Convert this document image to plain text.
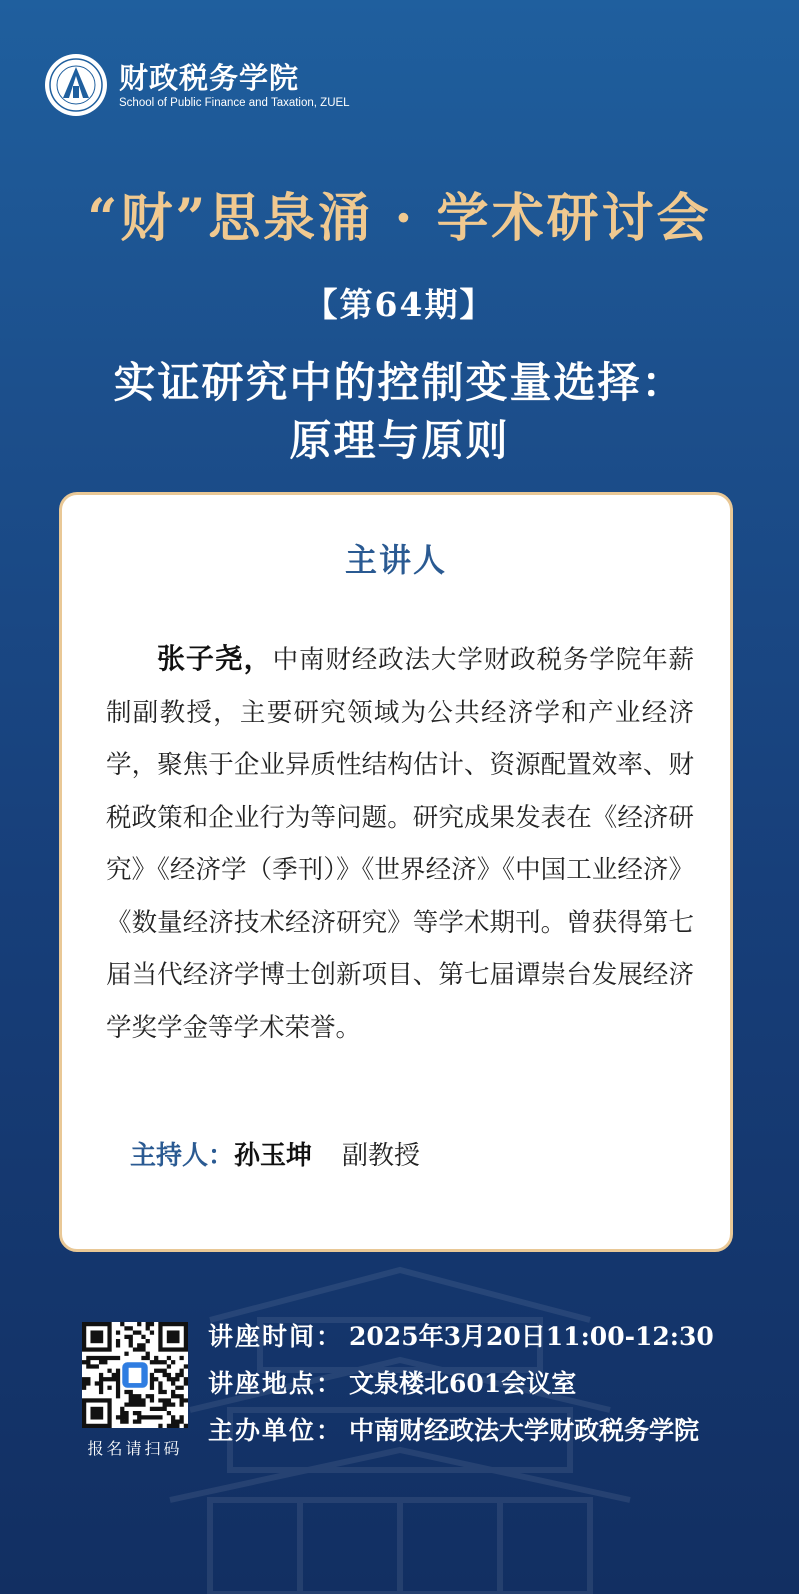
财政税务学院
School of Public Finance and Taxation, ZUEL
“财”思泉涌 · 学术研讨会
【第64期】
实证研究中的控制变量选择：
原理与原则
主讲人

张子尧，中南财经政法大学财政税务学院年薪制副教授，主要研究领域为公共经济学和产业经济学，聚焦于企业异质性结构估计、资源配置效率、财税政策和企业行为等问题。研究成果发表在《经济研究》《经济学（季刊）》《世界经济》《中国工业经济》《数量经济技术经济研究》等学术期刊。曾获得第七届当代经济学博士创新项目、第七届谭崇台发展经济学奖学金等学术荣誉。

主持人： 孙玉坤 副教授
报名请扫码
讲座时间： 2025年3月20日11:00-12:30
讲座地点： 文泉楼北601会议室
主办单位： 中南财经政法大学财政税务学院
